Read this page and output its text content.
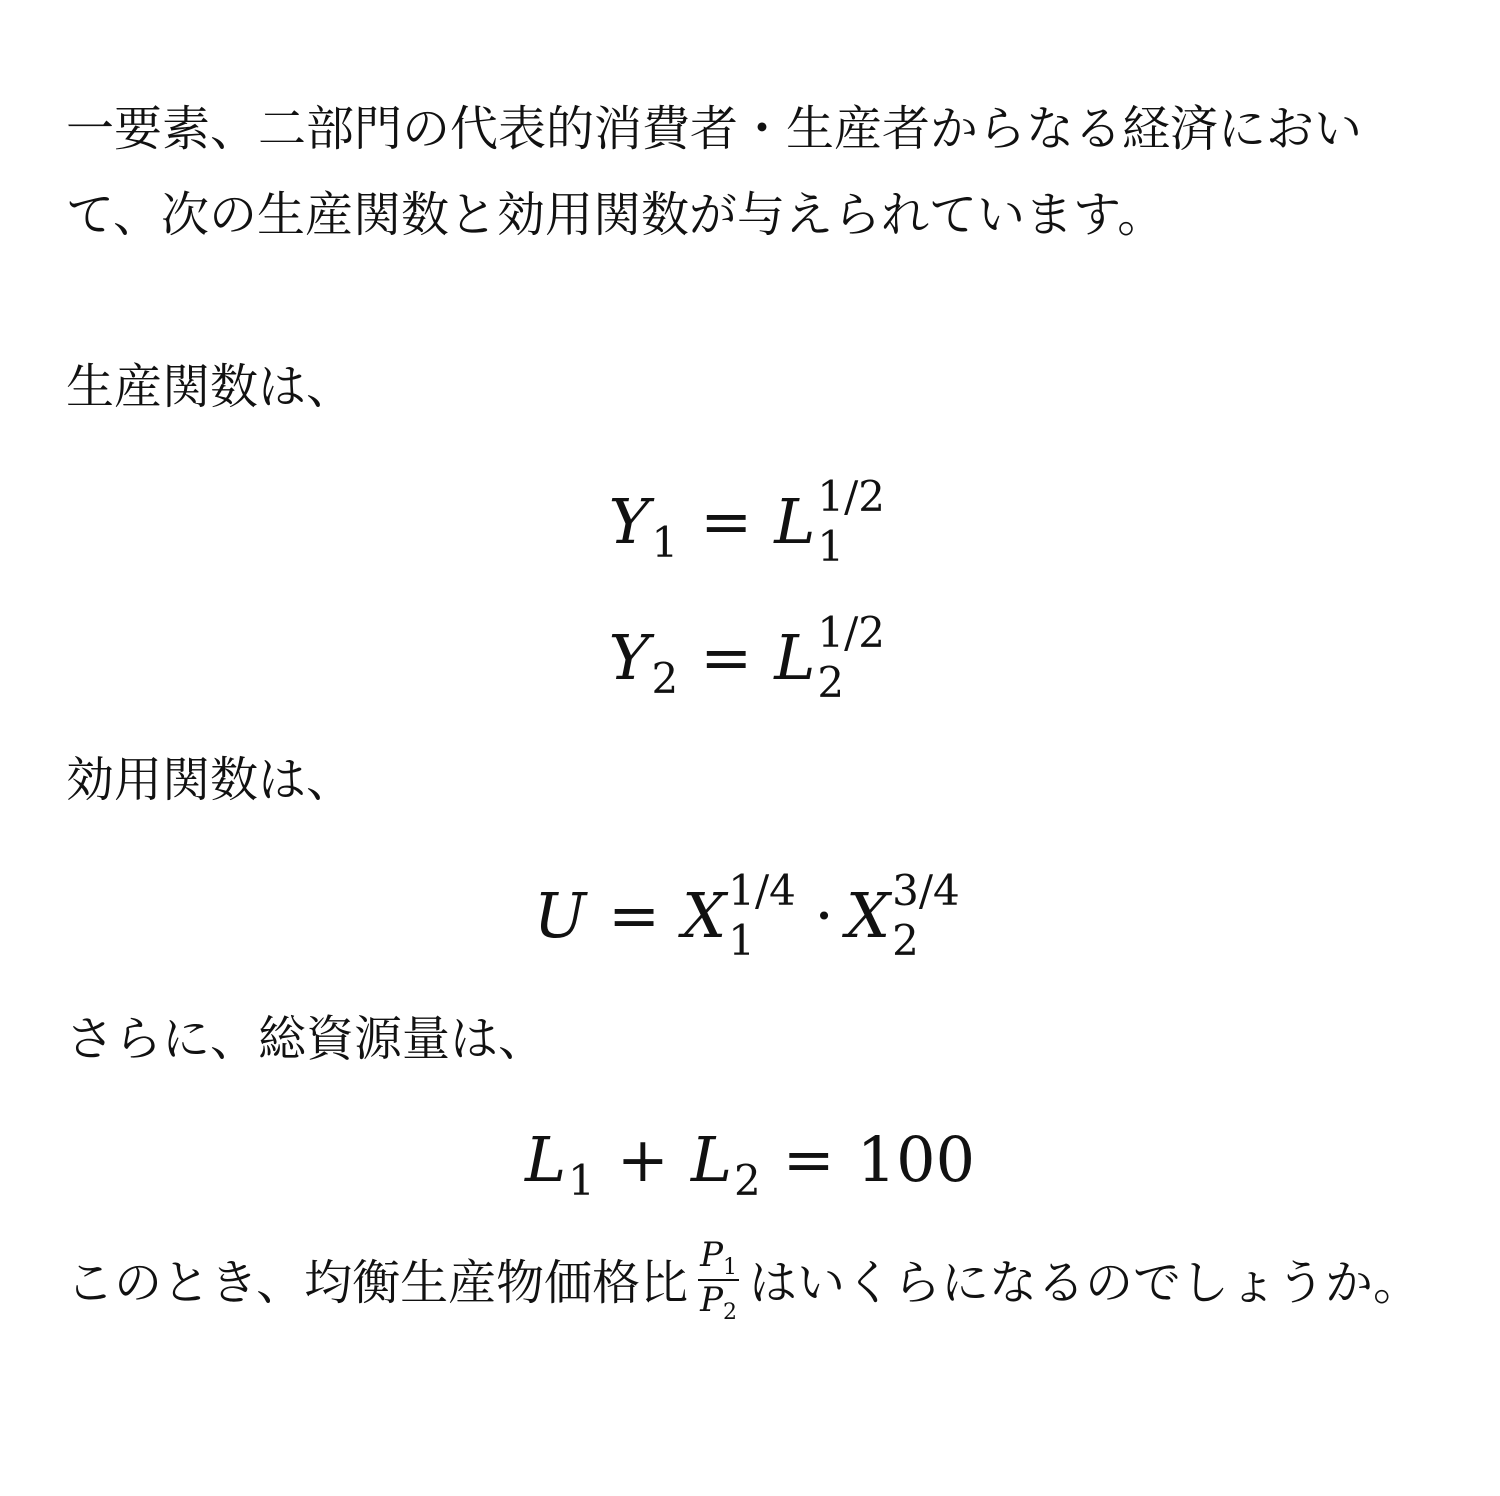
一要素、二部門の代表的消費者・生産者からなる経済において、次の生産関数と効用関数が与えられています。

生産関数は、

$Y_1 = L$ 1/2
1
$Y_2 = L$ 1/2
2

効用関数は、

U = X 1/4
1 · X 3/4
2

さらに、総資源量は、

$L_1 + L_2 = 100$

このとき、均衡生産物価格比 $\frac{P_1}{P_2}$ はいくらになるのでしょうか。
